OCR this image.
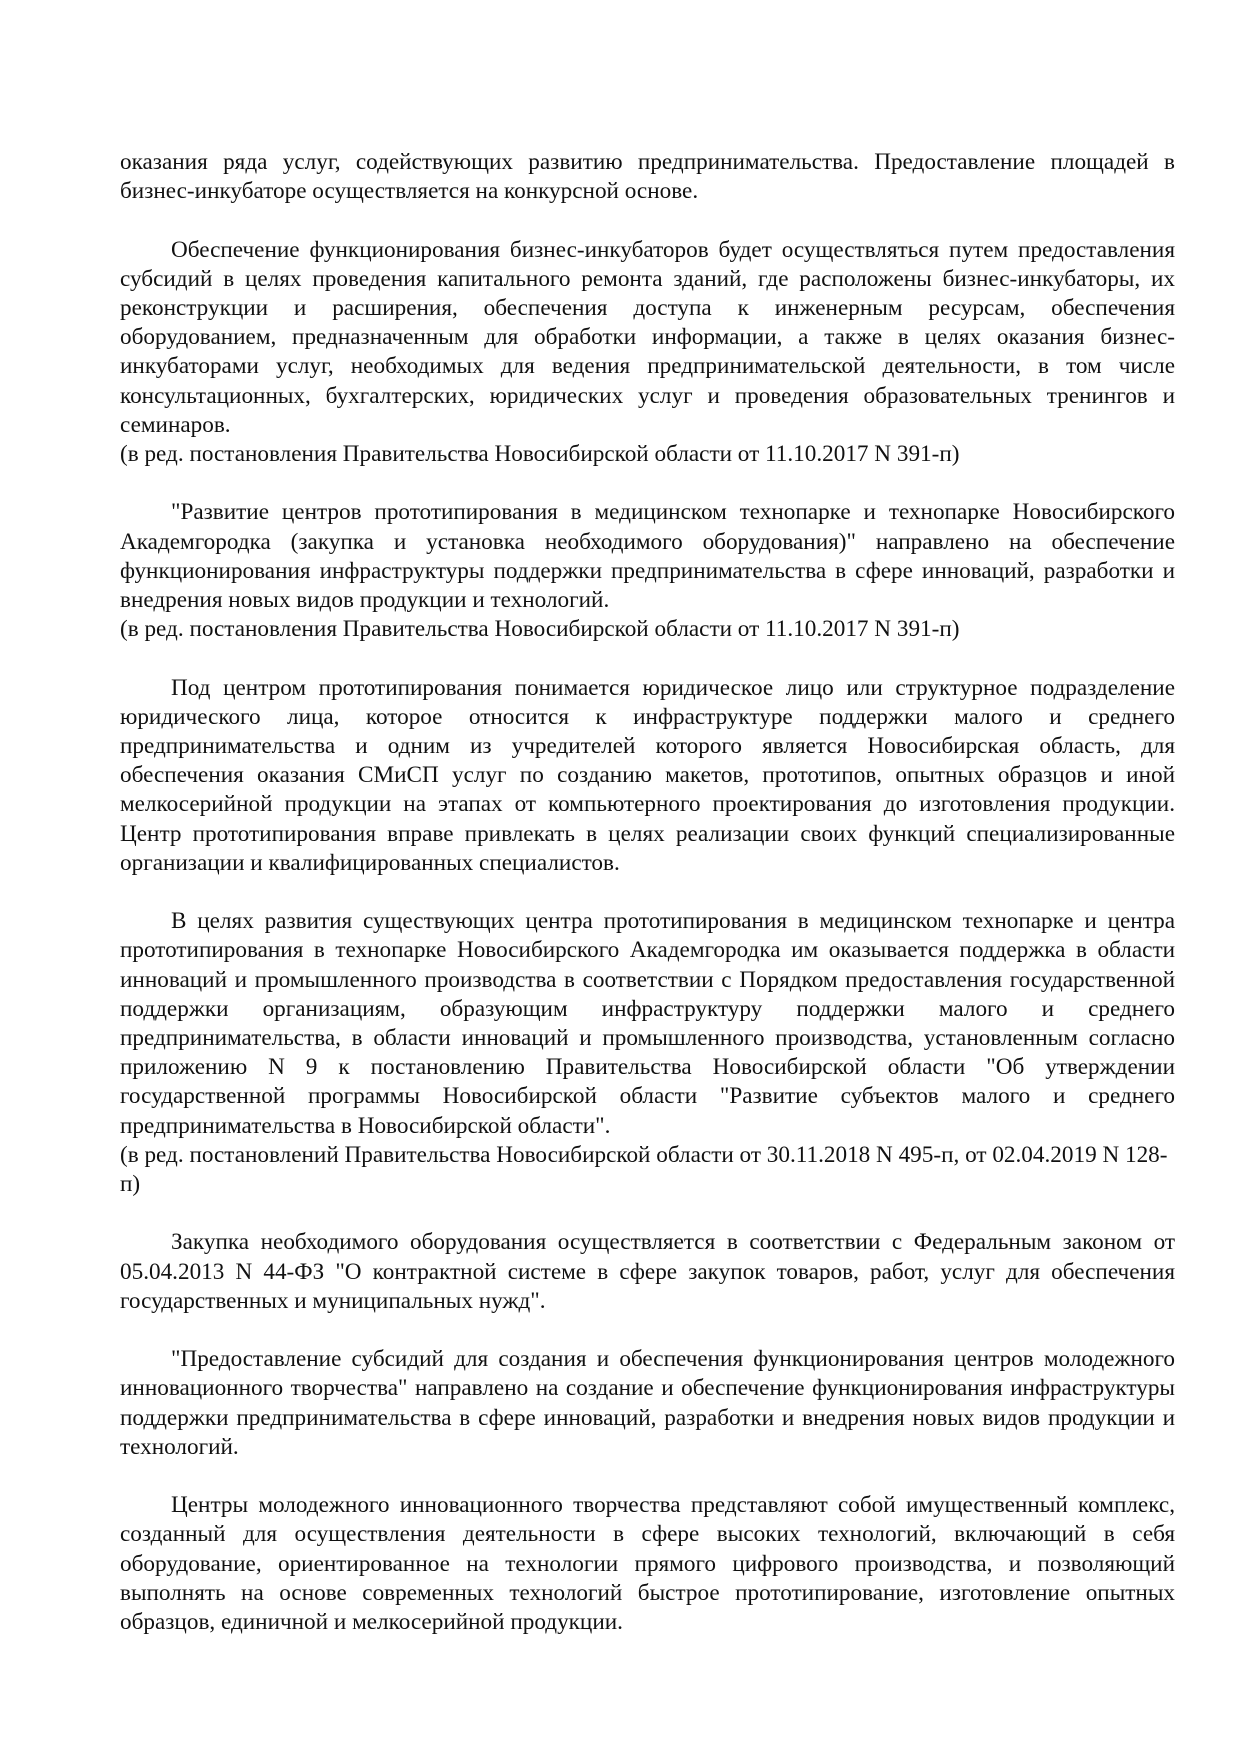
оказания ряда услуг, содействующих развитию предпринимательства. Предоставление площадей в бизнес-инкубаторе осуществляется на конкурсной основе.

Обеспечение функционирования бизнес-инкубаторов будет осуществляться путем предоставления субсидий в целях проведения капитального ремонта зданий, где расположены бизнес-инкубаторы, их реконструкции и расширения, обеспечения доступа к инженерным ресурсам, обеспечения оборудованием, предназначенным для обработки информации, а также в целях оказания бизнес-инкубаторами услуг, необходимых для ведения предпринимательской деятельности, в том числе консультационных, бухгалтерских, юридических услуг и проведения образовательных тренингов и семинаров.

(в ред. постановления Правительства Новосибирской области от 11.10.2017 N 391-п)

"Развитие центров прототипирования в медицинском технопарке и технопарке Новосибирского Академгородка (закупка и установка необходимого оборудования)" направлено на обеспечение функционирования инфраструктуры поддержки предпринимательства в сфере инноваций, разработки и внедрения новых видов продукции и технологий.

(в ред. постановления Правительства Новосибирской области от 11.10.2017 N 391-п)

Под центром прототипирования понимается юридическое лицо или структурное подразделение юридического лица, которое относится к инфраструктуре поддержки малого и среднего предпринимательства и одним из учредителей которого является Новосибирская область, для обеспечения оказания СМиСП услуг по созданию макетов, прототипов, опытных образцов и иной мелкосерийной продукции на этапах от компьютерного проектирования до изготовления продукции. Центр прототипирования вправе привлекать в целях реализации своих функций специализированные организации и квалифицированных специалистов.

В целях развития существующих центра прототипирования в медицинском технопарке и центра прототипирования в технопарке Новосибирского Академгородка им оказывается поддержка в области инноваций и промышленного производства в соответствии с Порядком предоставления государственной поддержки организациям, образующим инфраструктуру поддержки малого и среднего предпринимательства, в области инноваций и промышленного производства, установленным согласно приложению N 9 к постановлению Правительства Новосибирской области "Об утверждении государственной программы Новосибирской области "Развитие субъектов малого и среднего предпринимательства в Новосибирской области".

(в ред. постановлений Правительства Новосибирской области от 30.11.2018 N 495-п, от 02.04.2019 N 128-п)

Закупка необходимого оборудования осуществляется в соответствии с Федеральным законом от 05.04.2013 N 44-ФЗ "О контрактной системе в сфере закупок товаров, работ, услуг для обеспечения государственных и муниципальных нужд".

"Предоставление субсидий для создания и обеспечения функционирования центров молодежного инновационного творчества" направлено на создание и обеспечение функционирования инфраструктуры поддержки предпринимательства в сфере инноваций, разработки и внедрения новых видов продукции и технологий.

Центры молодежного инновационного творчества представляют собой имущественный комплекс, созданный для осуществления деятельности в сфере высоких технологий, включающий в себя оборудование, ориентированное на технологии прямого цифрового производства, и позволяющий выполнять на основе современных технологий быстрое прототипирование, изготовление опытных образцов, единичной и мелкосерийной продукции.
